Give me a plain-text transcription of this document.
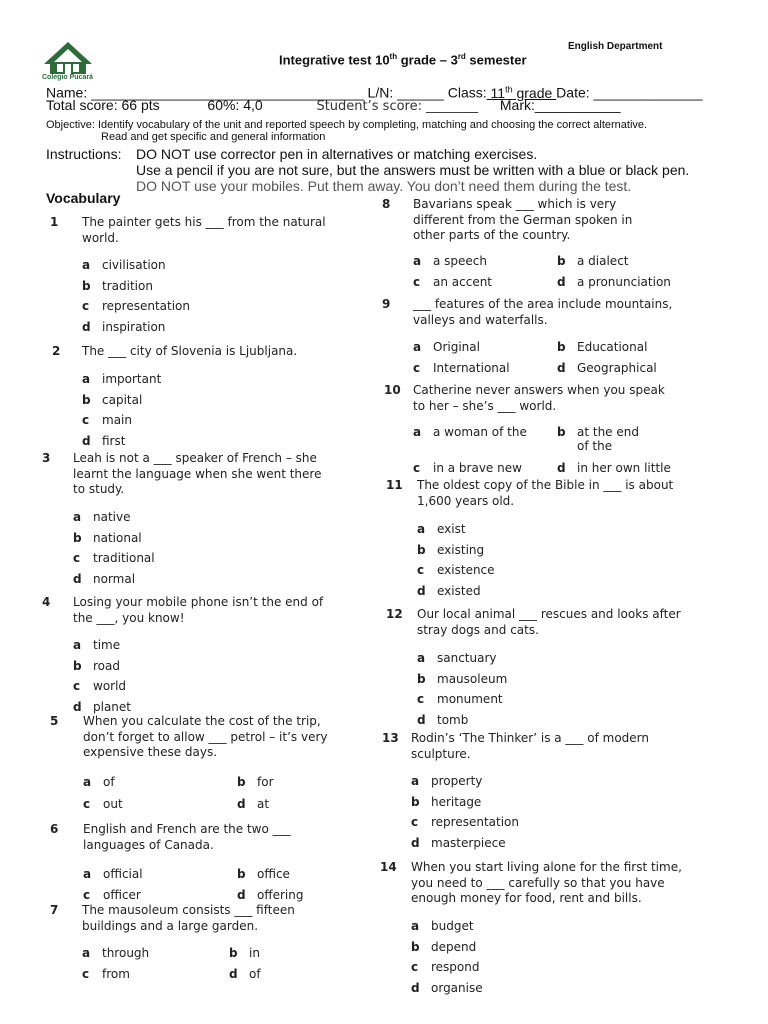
Colegio Pucará
English Department
Integrative test 10th grade – 3rd semester
Name: ___________________________________ L/N: ______ Class: 11th grade Date: ______________
Total score: 66 pts	60%: 4,0	Student’s score: ________ Mark:___________
Objective: Identify vocabulary of the unit and reported speech by completing, matching and choosing the correct alternative.
Read and get specific and general information
Instructions: DO NOT use corrector pen in alternatives or matching exercises.
Use a pencil if you are not sure, but the answers must be written with a blue or black pen.
DO NOT use your mobiles. Put them away. You don’t need them during the test.
Vocabulary
1 The painter gets his ___ from the natural
world.
a civilisation
b tradition
c representation
d inspiration
2 The ___ city of Slovenia is Ljubljana.
a important
b capital
c main
d first
3 Leah is not a ___ speaker of French – she
learnt the language when she went there
to study.
a native
b national
c traditional
d normal
4 Losing your mobile phone isn’t the end of
the ___, you know!
a time
b road
c world
d planet
5 When you calculate the cost of the trip,
don’t forget to allow ___ petrol – it’s very
expensive these days.
a of	b for
c out	d at
6 English and French are the two ___
languages of Canada.
a official	b office
c officer	d offering
7 The mausoleum consists ___ fifteen
buildings and a large garden.
a through	b in
c from	d of
8 Bavarians speak ___ which is very
different from the German spoken in
other parts of the country.
a a speech	b a dialect
c an accent	d a pronunciation
9 ___ features of the area include mountains,
valleys and waterfalls.
a Original	b Educational
c International	d Geographical
10 Catherine never answers when you speak
to her – she’s ___ world.
a a woman of the	b at the end
of the
c in a brave new	d in her own little
11 The oldest copy of the Bible in ___ is about
1,600 years old.
a exist
b existing
c existence
d existed
12 Our local animal ___ rescues and looks after
stray dogs and cats.
a sanctuary
b mausoleum
c monument
d tomb
13 Rodin’s ‘The Thinker’ is a ___ of modern
sculpture.
a property
b heritage
c representation
d masterpiece
14 When you start living alone for the first time,
you need to ___ carefully so that you have
enough money for food, rent and bills.
a budget
b depend
c respond
d organise
